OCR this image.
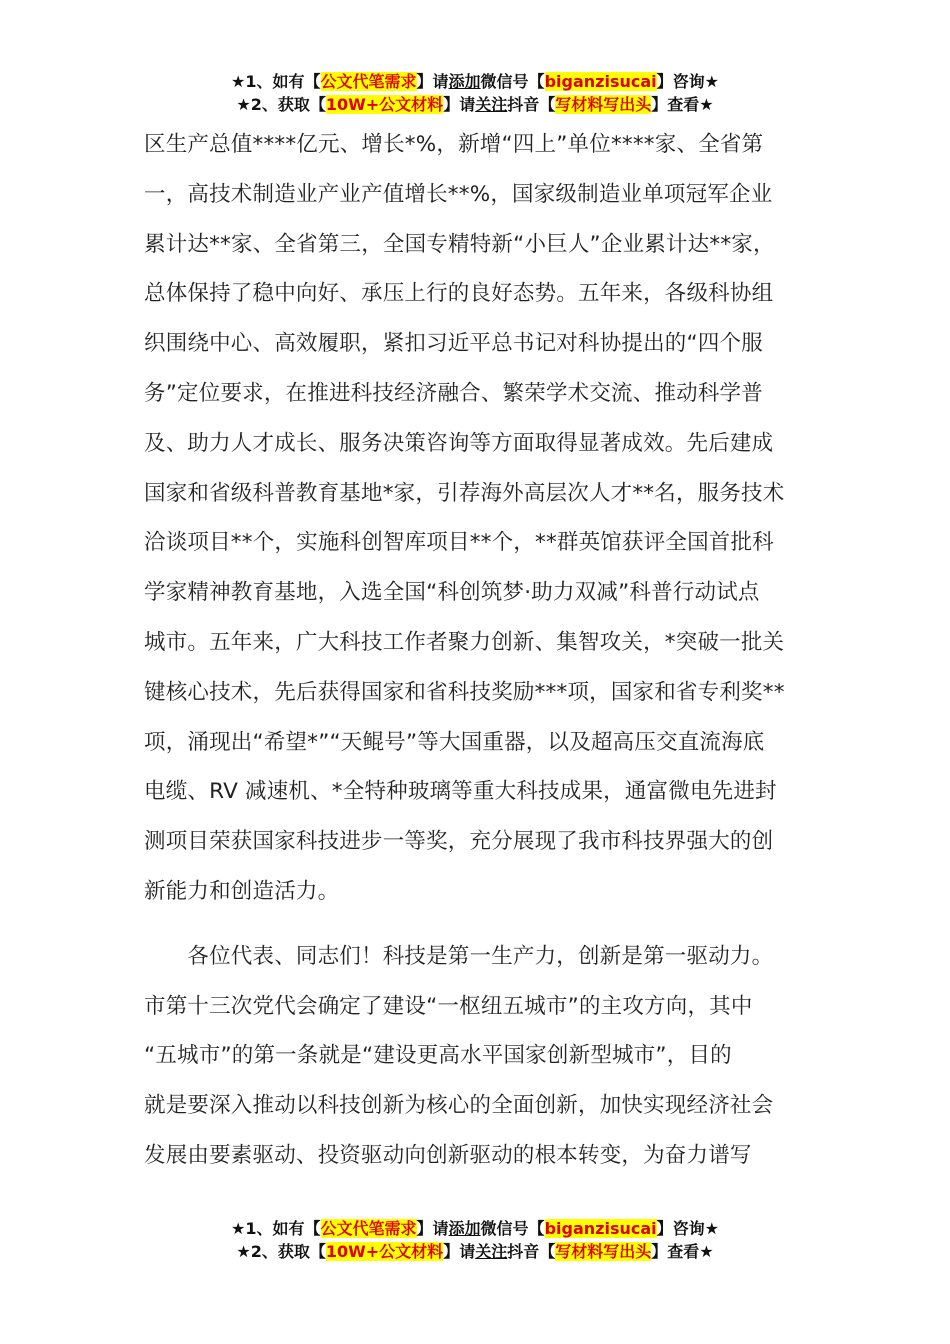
★1、如有【公文代笔需求】请添加微信号【biganzisucai】咨询★
★2、获取【10W+公文材料】请关注抖音【写材料写出头】查看★

区生产总值****亿元、增长*%，新增“四上”单位****家、全省第

一，高技术制造业产业产值增长**%，国家级制造业单项冠军企业

累计达**家、全省第三，全国专精特新“小巨人”企业累计达**家，

总体保持了稳中向好、承压上行的良好态势。五年来，各级科协组

织围绕中心、高效履职，紧扣习近平总书记对科协提出的“四个服

务”定位要求，在推进科技经济融合、繁荣学术交流、推动科学普

及、助力人才成长、服务决策咨询等方面取得显著成效。先后建成

国家和省级科普教育基地*家，引荐海外高层次人才**名，服务技术

洽谈项目**个，实施科创智库项目**个，**群英馆获评全国首批科

学家精神教育基地，入选全国“科创筑梦·助力双减”科普行动试点

城市。五年来，广大科技工作者聚力创新、集智攻关，*突破一批关

键核心技术，先后获得国家和省科技奖励***项，国家和省专利奖**

项，涌现出“希望*”“天鲲号”等大国重器，以及超高压交直流海底

电缆、RV 减速机、*全特种玻璃等重大科技成果，通富微电先进封

测项目荣获国家科技进步一等奖，充分展现了我市科技界强大的创

新能力和创造活力。

　　各位代表、同志们！科技是第一生产力，创新是第一驱动力。

市第十三次党代会确定了建设“一枢纽五城市”的主攻方向，其中

“五城市”的第一条就是“建设更高水平国家创新型城市”，目的

就是要深入推动以科技创新为核心的全面创新，加快实现经济社会

发展由要素驱动、投资驱动向创新驱动的根本转变，为奋力谱写

★1、如有【公文代笔需求】请添加微信号【biganzisucai】咨询★
★2、获取【10W+公文材料】请关注抖音【写材料写出头】查看★
